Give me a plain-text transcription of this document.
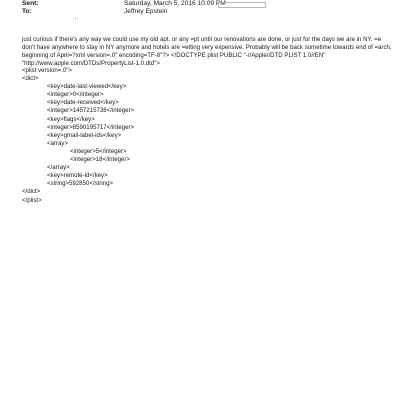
Sent:	Saturday, March 5, 2016 10:09 PM
To:	Jeffrey Epstein

just curious if there's any way we could use my old apt. or any =pt until our renovations are done, or just for the days we are in NY. =e don't have anywhere to stay in NY anymore and hotels are =etting very expensive. Probably will be back sometime towards end of =arch, beginning of April=?xml version=.0" encoding=TF-8"?> <!DOCTYPE plist PUBLIC "-//Apple//DTD PLIST 1.0//EN" "http://www.apple.com/DTDs/PropertyList-1.0.dtd">

<plist version=.0">
<dict>
<key>date-last-viewed</key>
<integer>0</integer>
<key>date-received</key>
<integer>1457215738</integer>
<key>flags</key>
<integer>8590195717</integer>
<key>gmail-label-ids</key>
<array>
<integer>5</integer>
<integer>18</integer>
</array>
<key>remote-id</key>
<string>592850</string>
</dict>
</plist>
